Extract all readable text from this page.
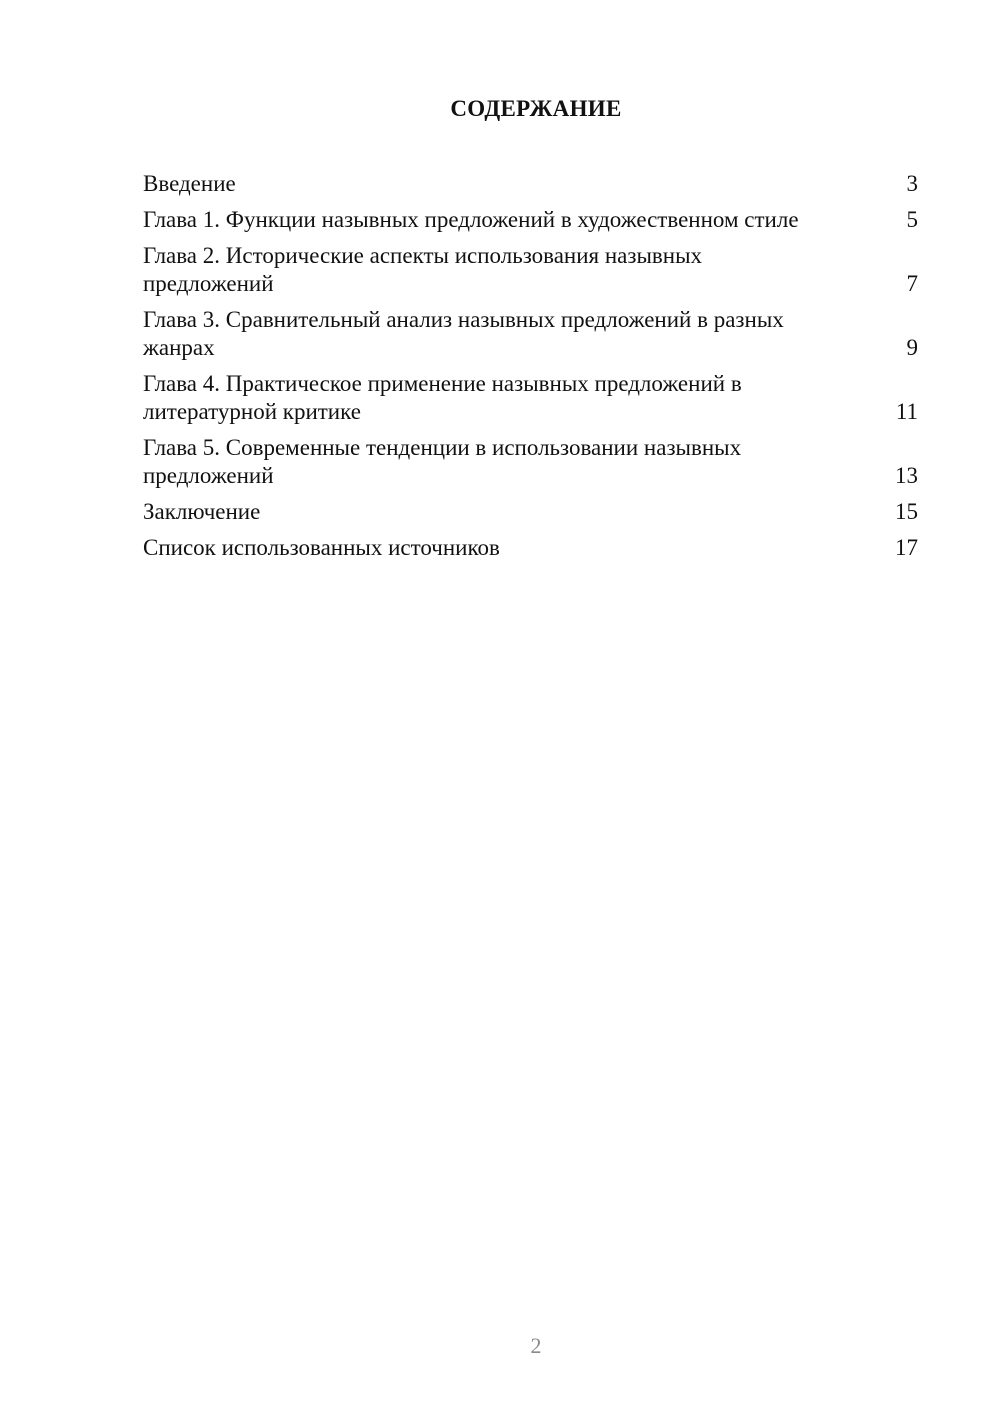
СОДЕРЖАНИЕ
Введение	3
Глава 1. Функции назывных предложений в художественном стиле	5
Глава 2. Исторические аспекты использования назывных предложений	7
Глава 3. Сравнительный анализ назывных предложений в разных жанрах	9
Глава 4. Практическое применение назывных предложений в литературной критике	11
Глава 5. Современные тенденции в использовании назывных предложений	13
Заключение	15
Список использованных источников	17
2
